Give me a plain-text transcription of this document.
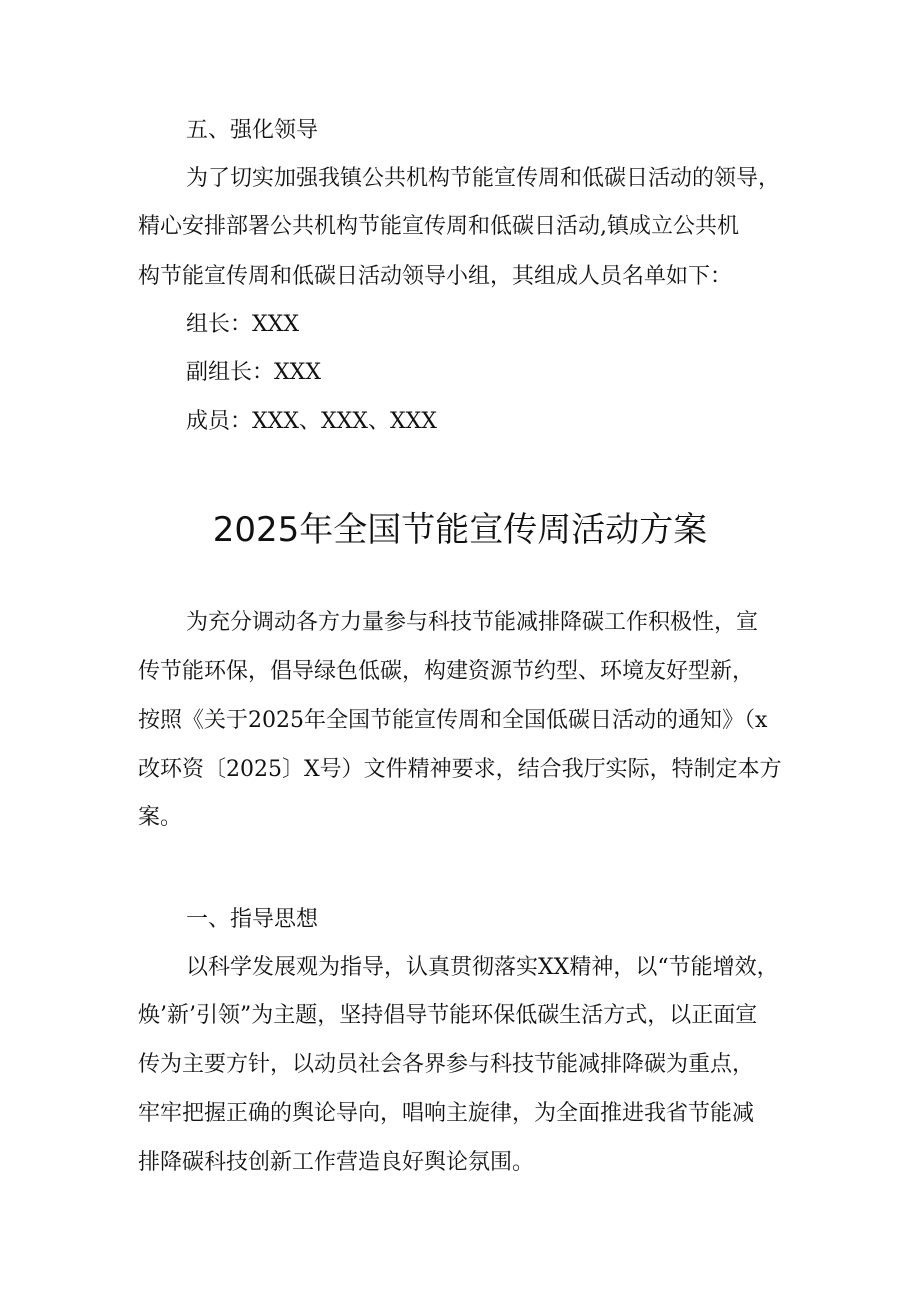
五、强化领导
为了切实加强我镇公共机构节能宣传周和低碳日活动的领导，
精心安排部署公共机构节能宣传周和低碳日活动,镇成立公共机
构节能宣传周和低碳日活动领导小组，其组成人员名单如下：
组长：XXX
副组长：XXX
成员：XXX、XXX、XXX
2025年全国节能宣传周活动方案
为充分调动各方力量参与科技节能减排降碳工作积极性，宣
传节能环保，倡导绿色低碳，构建资源节约型、环境友好型新，
按照《关于2025年全国节能宣传周和全国低碳日活动的通知》（x
改环资〔2025〕X号）文件精神要求，结合我厅实际，特制定本方
案。
一、指导思想
以科学发展观为指导，认真贯彻落实XX精神，以“节能增效，
焕’新’引领”为主题，坚持倡导节能环保低碳生活方式，以正面宣
传为主要方针，以动员社会各界参与科技节能减排降碳为重点，
牢牢把握正确的舆论导向，唱响主旋律，为全面推进我省节能减
排降碳科技创新工作营造良好舆论氛围。
